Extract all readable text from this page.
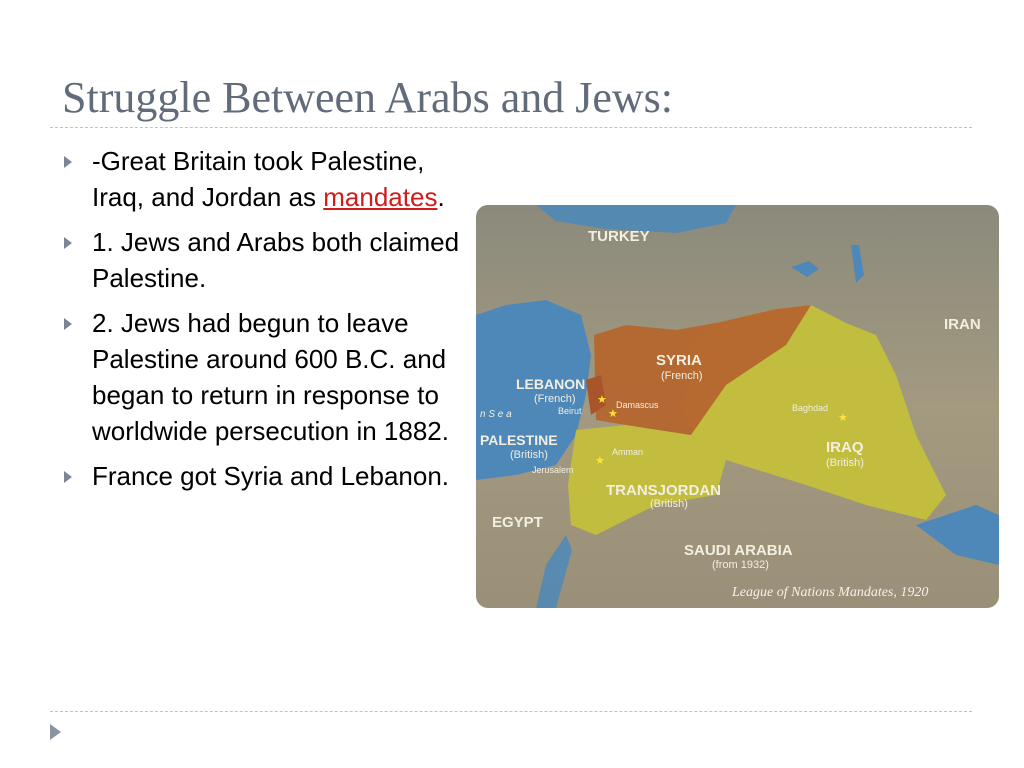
Struggle Between Arabs and Jews:
-Great Britain took Palestine, Iraq, and Jordan as mandates.
1. Jews and Arabs both claimed Palestine.
2. Jews had begun to leave Palestine around 600 B.C. and began to return in response to worldwide persecution in 1882.
France got Syria and Lebanon.
★
★
★
★
TURKEY
IRAN
SYRIA
LEBANON
PALESTINE	IRAQ
TRANSJORDAN
SAUDI ARABIA
EGYPT
(French)
(French)
Beirut
Damascus
(British)
Jerusalem
Amman
(British)
(British)
Baghdad
(from 1932)
n S e a
League of Nations Mandates, 1920
